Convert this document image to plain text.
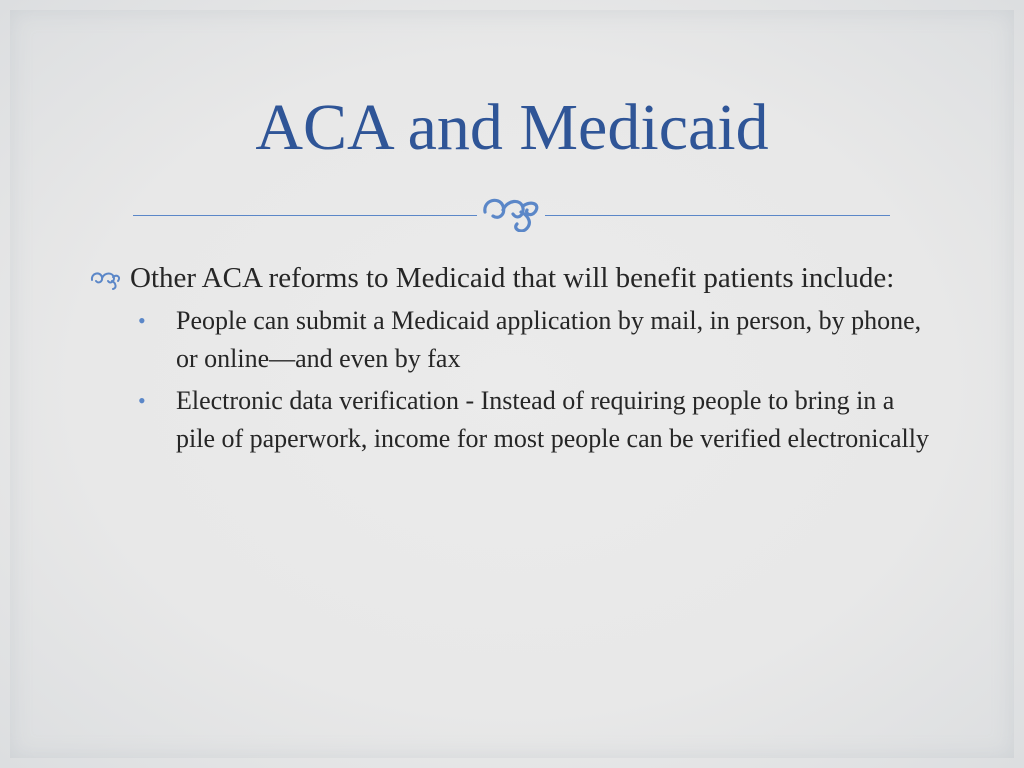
ACA and Medicaid
Other ACA reforms to Medicaid that will benefit patients include:
• People can submit a Medicaid application by mail, in person, by phone, or online—and even by fax
• Electronic data verification - Instead of requiring people to bring in a pile of paperwork, income for most people can be verified electronically
